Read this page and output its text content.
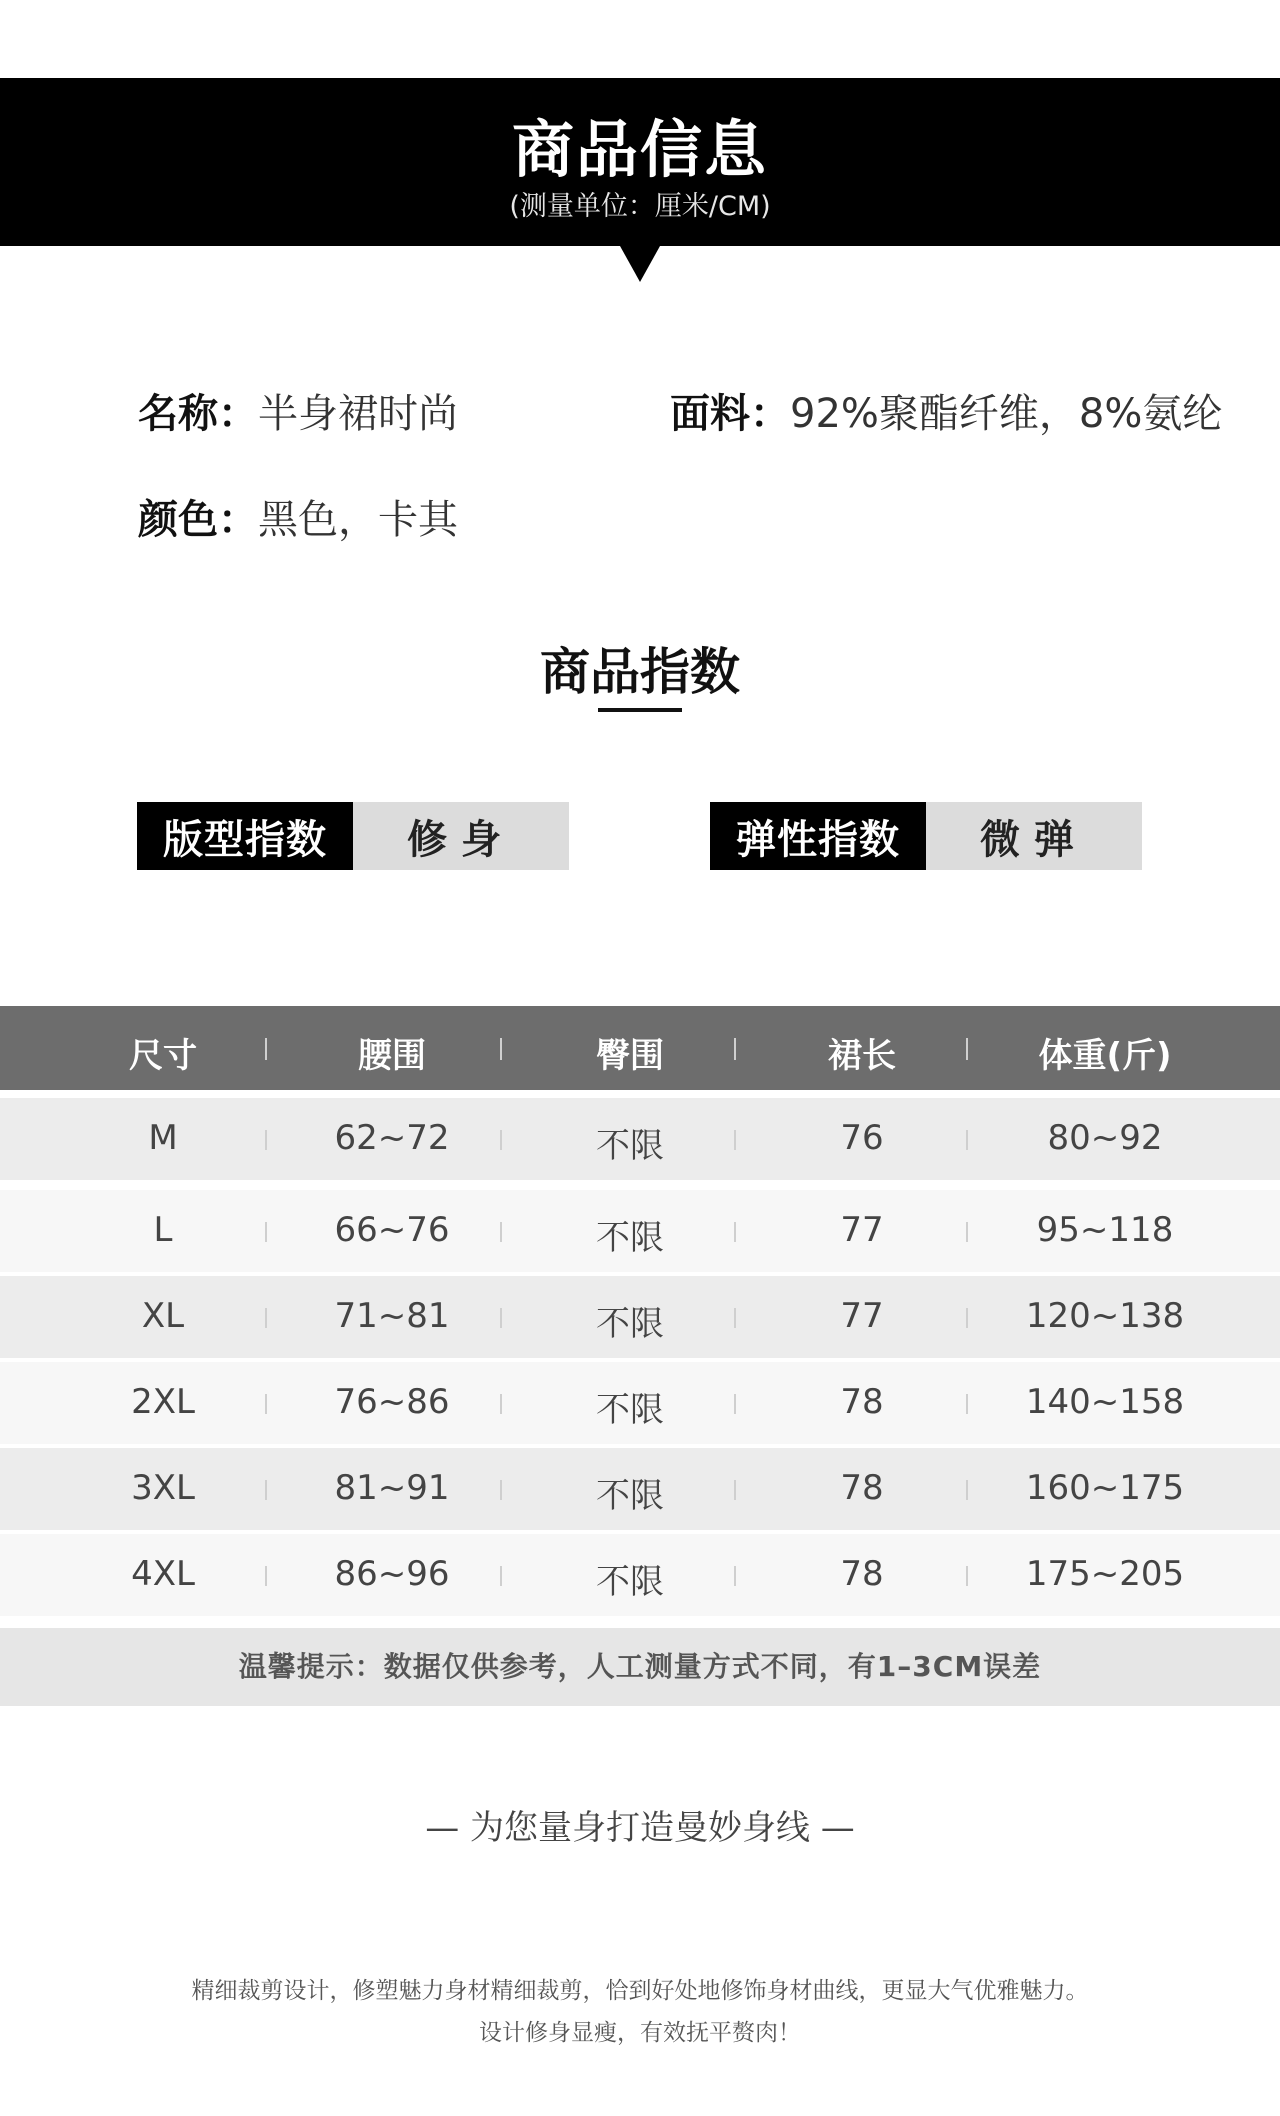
商品信息
(测量单位：厘米/CM)
名称：半身裙时尚	面料：92%聚酯纤维，8%氨纶
颜色：黑色，卡其
商品指数
版型指数	修身	弹性指数	微弹
尺寸	腰围	臀围	裙长	体重(斤)
M	62~72	不限	76	80~92
L	66~76	不限	77	95~118
XL	71~81	不限	77	120~138
2XL	76~86	不限	78	140~158
3XL	81~91	不限	78	160~175
4XL	86~96	不限	78	175~205
温馨提示：数据仅供参考，人工测量方式不同，有1–3CM误差
— 为您量身打造曼妙身线 —
精细裁剪设计，修塑魅力身材精细裁剪，恰到好处地修饰身材曲线，更显大气优雅魅力。
设计修身显瘦，有效抚平赘肉！
